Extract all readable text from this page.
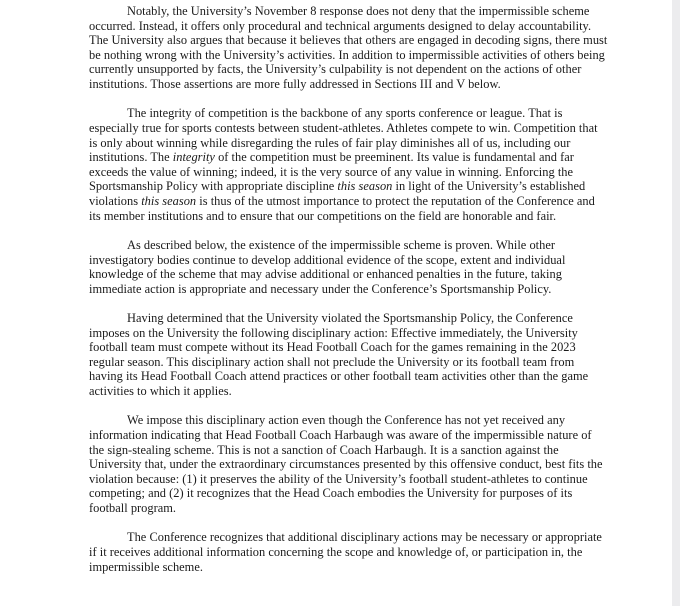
Notably, the University’s November 8 response does not deny that the impermissible scheme occurred. Instead, it offers only procedural and technical arguments designed to delay accountability. The University also argues that because it believes that others are engaged in decoding signs, there must be nothing wrong with the University’s activities. In addition to impermissible activities of others being currently unsupported by facts, the University’s culpability is not dependent on the actions of other institutions. Those assertions are more fully addressed in Sections III and V below.

The integrity of competition is the backbone of any sports conference or league. That is especially true for sports contests between student-athletes. Athletes compete to win. Competition that is only about winning while disregarding the rules of fair play diminishes all of us, including our institutions. The integrity of the competition must be preeminent. Its value is fundamental and far exceeds the value of winning; indeed, it is the very source of any value in winning. Enforcing the Sportsmanship Policy with appropriate discipline this season in light of the University’s established violations this season is thus of the utmost importance to protect the reputation of the Conference and its member institutions and to ensure that our competitions on the field are honorable and fair.

As described below, the existence of the impermissible scheme is proven. While other investigatory bodies continue to develop additional evidence of the scope, extent and individual knowledge of the scheme that may advise additional or enhanced penalties in the future, taking immediate action is appropriate and necessary under the Conference’s Sportsmanship Policy.

Having determined that the University violated the Sportsmanship Policy, the Conference imposes on the University the following disciplinary action: Effective immediately, the University football team must compete without its Head Football Coach for the games remaining in the 2023 regular season. This disciplinary action shall not preclude the University or its football team from having its Head Football Coach attend practices or other football team activities other than the game activities to which it applies.

We impose this disciplinary action even though the Conference has not yet received any information indicating that Head Football Coach Harbaugh was aware of the impermissible nature of the sign-stealing scheme. This is not a sanction of Coach Harbaugh. It is a sanction against the University that, under the extraordinary circumstances presented by this offensive conduct, best fits the violation because: (1) it preserves the ability of the University’s football student-athletes to continue competing; and (2) it recognizes that the Head Coach embodies the University for purposes of its football program.

The Conference recognizes that additional disciplinary actions may be necessary or appropriate if it receives additional information concerning the scope and knowledge of, or participation in, the impermissible scheme.
